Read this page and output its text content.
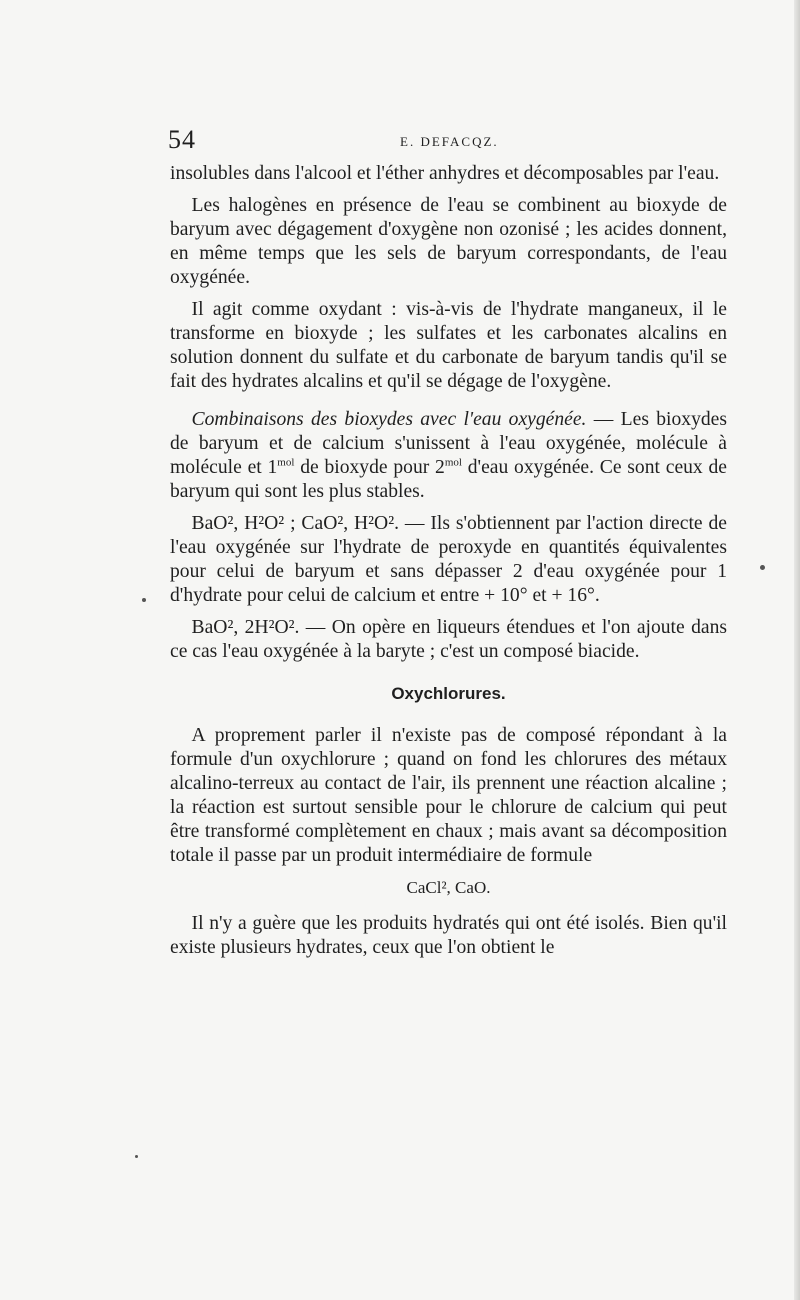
54	E. DEFACQZ.

insolubles dans l'alcool et l'éther anhydres et décomposables par l'eau.

Les halogènes en présence de l'eau se combinent au bioxyde de baryum avec dégagement d'oxygène non ozonisé ; les acides donnent, en même temps que les sels de baryum correspondants, de l'eau oxygénée.

Il agit comme oxydant : vis-à-vis de l'hydrate manganeux, il le transforme en bioxyde ; les sulfates et les carbonates alcalins en solution donnent du sulfate et du carbonate de baryum tandis qu'il se fait des hydrates alcalins et qu'il se dégage de l'oxygène.

Combinaisons des bioxydes avec l'eau oxygénée. — Les bioxydes de baryum et de calcium s'unissent à l'eau oxygénée, molécule à molécule et $1^{mol}$ de bioxyde pour $2^{mol}$ d'eau oxygénée. Ce sont ceux de baryum qui sont les plus stables.

BaO², H²O² ; CaO², H²O². — Ils s'obtiennent par l'action directe de l'eau oxygénée sur l'hydrate de peroxyde en quantités équivalentes pour celui de baryum et sans dépasser 2 d'eau oxygénée pour 1 d'hydrate pour celui de calcium et entre + 10° et + 16°.

BaO², 2H²O². — On opère en liqueurs étendues et l'on ajoute dans ce cas l'eau oxygénée à la baryte ; c'est un composé biacide.

Oxychlorures.

A proprement parler il n'existe pas de composé répondant à la formule d'un oxychlorure ; quand on fond les chlorures des métaux alcalino-terreux au contact de l'air, ils prennent une réaction alcaline ; la réaction est surtout sensible pour le chlorure de calcium qui peut être transformé complètement en chaux ; mais avant sa décomposition totale il passe par un produit intermédiaire de formule

CaCl², CaO.

Il n'y a guère que les produits hydratés qui ont été isolés. Bien qu'il existe plusieurs hydrates, ceux que l'on obtient le
